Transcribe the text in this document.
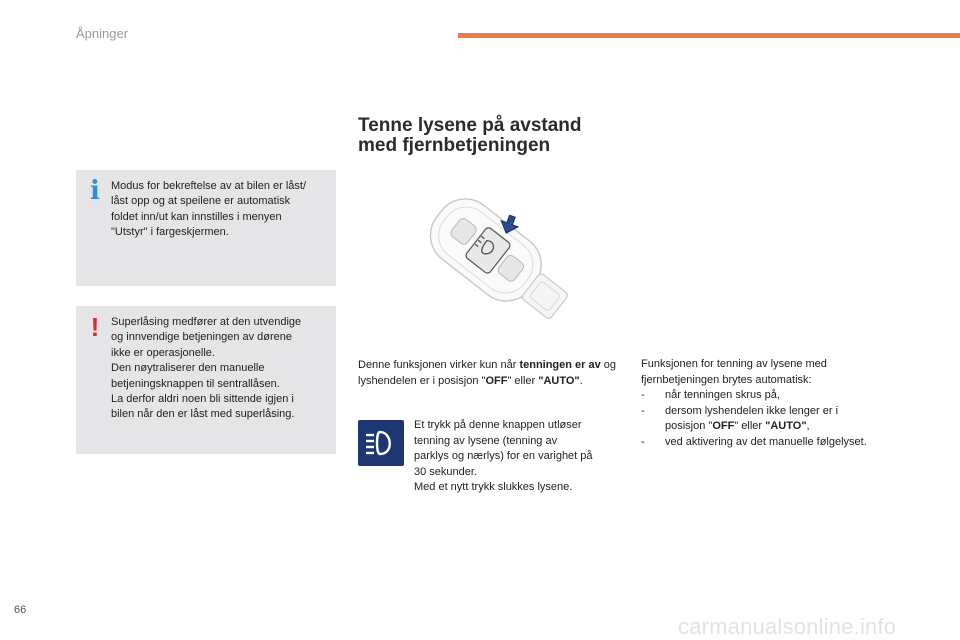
Åpninger
Tenne lysene på avstand
med fjernbetjeningen
i	Modus for bekreftelse av at bilen er låst/
låst opp og at speilene er automatisk
foldet inn/ut kan innstilles i menyen
"Utstyr" i fargeskjermen.
!	Superlåsing medfører at den utvendige
og innvendige betjeningen av dørene
ikke er operasjonelle.
Den nøytraliserer den manuelle
betjeningsknappen til sentrallåsen.
La derfor aldri noen bli sittende igjen i
bilen når den er låst med superlåsing.
Denne funksjonen virker kun når tenningen er av og lyshendelen er i posisjon "OFF" eller "AUTO".
Et trykk på denne knappen utløser
tenning av lysene (tenning av
parklys og nærlys) for en varighet på
30 sekunder.
Med et nytt trykk slukkes lysene.
Funksjonen for tenning av lysene med
fjernbetjeningen brytes automatisk:
- når tenningen skrus på,
- dersom lyshendelen ikke lenger er i
posisjon "OFF" eller "AUTO",
- ved aktivering av det manuelle følgelyset.
66
carmanualsonline.info
